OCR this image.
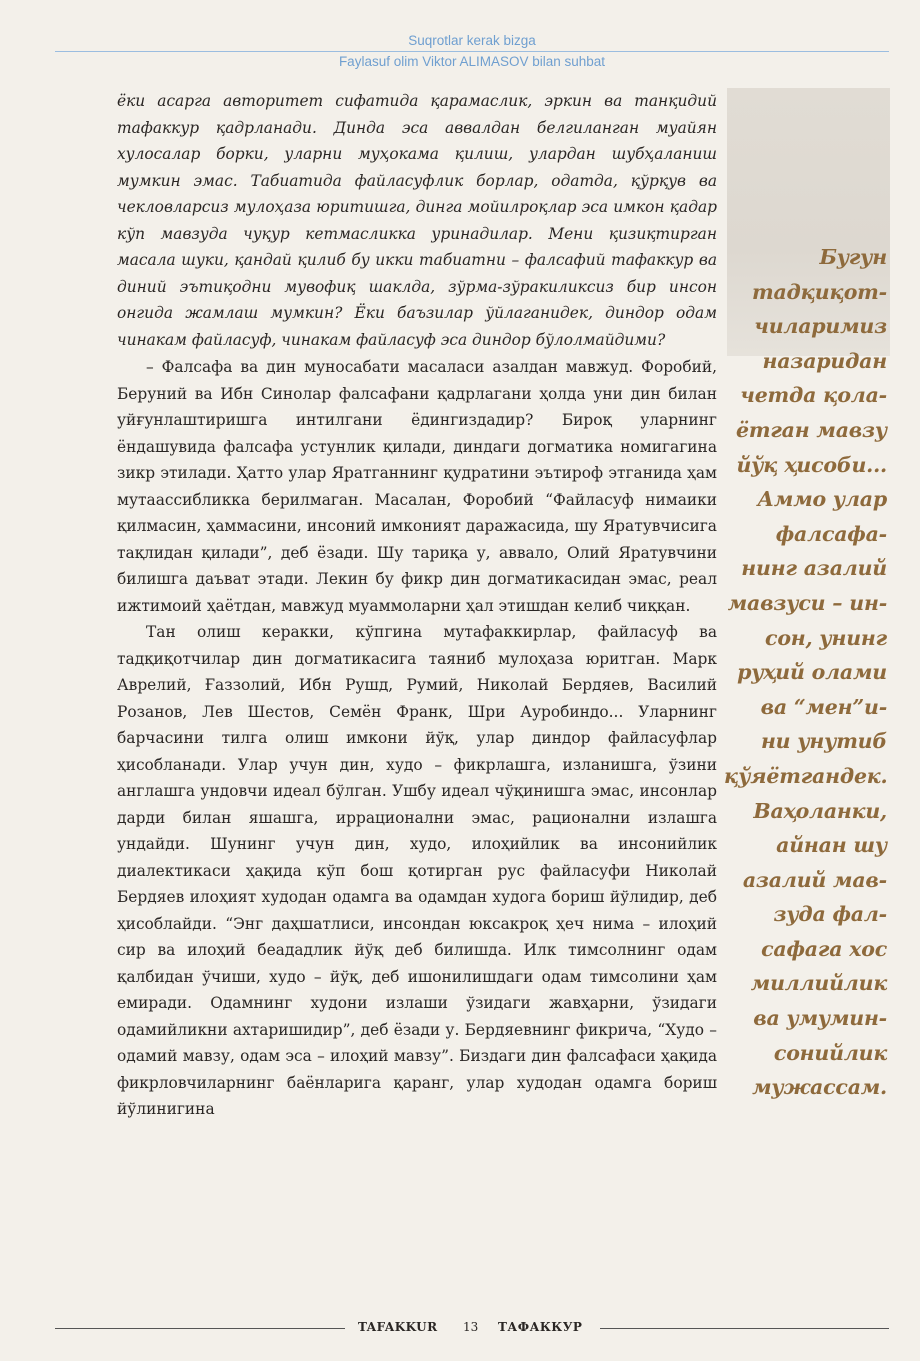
Suqrotlar kerak bizga
Faylasuf olim Viktor ALIMASOV bilan suhbat

ёки асарга авторитет сифатида қарамаслик, эркин ва танқидий тафаккур қадрланади. Динда эса аввалдан белгиланган муайян хулосалар борки, уларни муҳокама қилиш, улардан шубҳаланиш мумкин эмас. Табиатида файласуфлик борлар, одатда, қўрқув ва чекловларсиз мулоҳаза юритишга, динга мойилроқлар эса имкон қадар кўп мавзуда чуқур кетмасликка уринадилар. Мени қизиқтирган масала шуки, қандай қилиб бу икки табиатни – фалсафий тафаккур ва диний эътиқодни мувофиқ шаклда, зўрма-зўракиликсиз бир инсон онгида жамлаш мумкин? Ёки баъзилар ўйлаганидек, диндор одам чинакам файласуф, чинакам файласуф эса диндор бўлолмайдими?

– Фалсафа ва дин муносабати масаласи азалдан мавжуд. Форобий, Беруний ва Ибн Синолар фалсафани қадрлагани ҳолда уни дин билан уйғунлаштиришга интилгани ёдингиздадир? Бироқ уларнинг ёндашувида фалсафа устунлик қилади, диндаги догматика номигагина зикр этилади. Ҳатто улар Яратганнинг қудратини эътироф этганида ҳам мутаассибликка берилмаган. Масалан, Форобий “Файласуф нимаики қилмасин, ҳаммасини, инсоний имконият даражасида, шу Яратувчисига тақлидан қилади”, деб ёзади. Шу тариқа у, аввало, Олий Яратувчини билишга даъват этади. Лекин бу фикр дин догматикасидан эмас, реал ижтимоий ҳаётдан, мавжуд муаммоларни ҳал этишдан келиб чиққан.

Тан олиш керакки, кўпгина мутафаккирлар, файласуф ва тадқиқотчилар дин догматикасига таяниб мулоҳаза юритган. Марк Аврелий, Ғаззолий, Ибн Рушд, Румий, Николай Бердяев, Василий Розанов, Лев Шестов, Семён Франк, Шри Ауробиндо... Уларнинг барчасини тилга олиш имкони йўқ, улар диндор файласуфлар ҳисобланади. Улар учун дин, худо – фикрлашга, изланишга, ўзини англашга ундовчи идеал бўлган. Ушбу идеал чўқинишга эмас, инсонлар дарди билан яшашга, иррационални эмас, рационални излашга ундайди. Шунинг учун дин, худо, илоҳийлик ва инсонийлик диалектикаси ҳақида кўп бош қотирган рус файласуфи Николай Бердяев илоҳият худодан одамга ва одамдан худога бориш йўлидир, деб ҳисоблайди. “Энг даҳшатлиси, инсондан юксакроқ ҳеч нима – илоҳий сир ва илоҳий беададлик йўқ деб билишда. Илк тимсолнинг одам қалбидан ўчиши, худо – йўқ, деб ишонилишдаги одам тимсолини ҳам емиради. Одамнинг худони излаши ўзидаги жавҳарни, ўзидаги одамийликни ахтаришидир”, деб ёзади у. Бердяевнинг фикрича, “Худо – одамий мавзу, одам эса – илоҳий мавзу”. Биздаги дин фалсафаси ҳақида фикрловчиларнинг баёнларига қаранг, улар худодан одамга бориш йўлинигина

Бугун
тадқиқот-
чиларимиз
назаридан
четда қола-
ётган мавзу
йўқ ҳисоби...
Аммо улар
фалсафа-
нинг азалий
мавзуси – ин-
сон, унинг
руҳий олами
ва “мен”и-
ни унутиб
қўяётгандек.
Ваҳоланки,
айнан шу
азалий мав-
зуда фал-
сафага хос
миллийлик
ва умумин-
сонийлик
мужассам.
TAFAKKUR 13 ТАФАККУР
